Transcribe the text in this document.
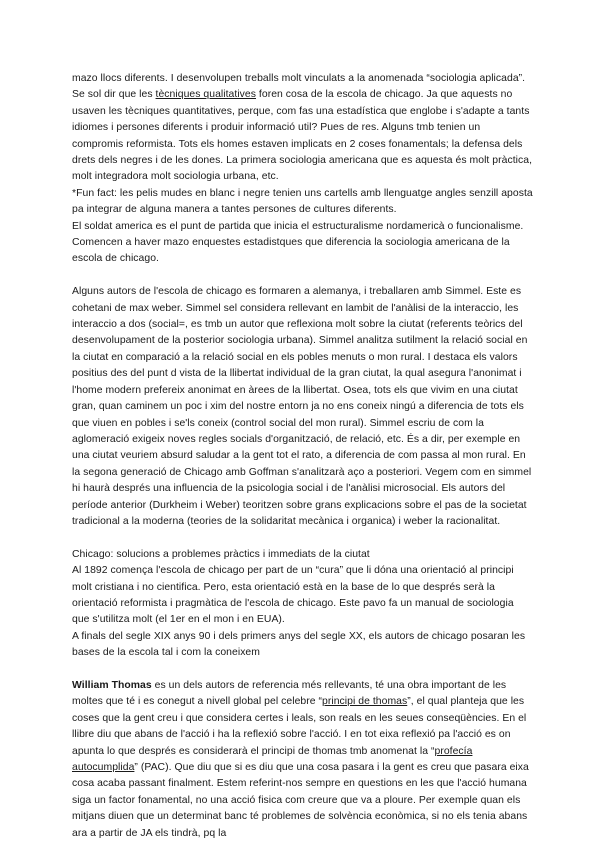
mazo llocs diferents. I desenvolupen treballs molt vinculats a la anomenada “sociologia aplicada”. Se sol dir que les tècniques qualitatives foren cosa de la escola de chicago. Ja que aquests no usaven les tècniques quantitatives, perque, com fas una estadística que englobe i s'adapte a tants idiomes i persones diferents i produir informació util? Pues de res. Alguns tmb tenien un compromis reformista. Tots els homes estaven implicats en 2 coses fonamentals; la defensa dels drets dels negres i de les dones. La primera sociologia americana que es aquesta és molt pràctica, molt integradora molt sociologia urbana, etc.

*Fun fact: les pelis mudes en blanc i negre tenien uns cartells amb llenguatge angles senzill aposta pa integrar de alguna manera a tantes persones de cultures diferents.

El soldat america es el punt de partida que inicia el estructuralisme nordamericà o funcionalisme. Comencen a haver mazo enquestes estadistques que diferencia la sociologia americana de la escola de chicago.

Alguns autors de l'escola de chicago es formaren a alemanya, i treballaren amb Simmel. Este es cohetani de max weber. Simmel sel considera rellevant en lambit de l'anàlisi de la interaccio, les interaccio a dos (social=, es tmb un autor que reflexiona molt sobre la ciutat (referents teòrics del desenvolupament de la posterior sociologia urbana). Simmel analitza sutilment la relació social en la ciutat en comparació a la relació social en els pobles menuts o mon rural. I destaca els valors positius des del punt d vista de la llibertat individual de la gran ciutat, la qual asegura l'anonimat i l'home modern prefereix anonimat en àrees de la llibertat. Osea, tots els que vivim en una ciutat gran, quan caminem un poc i xim del nostre entorn ja no ens coneix ningú a diferencia de tots els que viuen en pobles i se'ls coneix (control social del mon rural). Simmel escriu de com la aglomeració exigeix noves regles socials d'organització, de relació, etc. És a dir, per exemple en una ciutat veuriem absurd saludar a la gent tot el rato, a diferencia de com passa al mon rural. En la segona generació de Chicago amb Goffman s'analitzarà aço a posteriori. Vegem com en simmel hi haurà després una influencia de la psicologia social i de l'anàlisi microsocial. Els autors del període anterior (Durkheim i Weber) teoritzen sobre grans explicacions sobre el pas de la societat tradicional a la moderna (teories de la solidaritat mecànica i organica) i weber la racionalitat.

Chicago: solucions a problemes pràctics i immediats de la ciutat

Al 1892 comença l'escola de chicago per part de un “cura” que li dóna una orientació al principi molt cristiana i no cientifica. Pero, esta orientació està en la base de lo que després serà la orientació reformista i pragmàtica de l'escola de chicago. Este pavo fa un manual de sociologia que s'utilitza molt (el 1er en el mon i en EUA).

A finals del segle XIX anys 90 i dels primers anys del segle XX, els autors de chicago posaran les bases de la escola tal i com la coneixem

William Thomas es un dels autors de referencia més rellevants, té una obra important de les moltes que té i es conegut a nivell global pel celebre “principi de thomas”, el qual planteja que les coses que la gent creu i que considera certes i leals, son reals en les seues conseqüències. En el llibre diu que abans de l'acció i ha la reflexió sobre l'acció. I en tot eixa reflexió pa l'acció es on apunta lo que després es considerarà el principi de thomas tmb anomenat la “profecía autocumplida” (PAC). Que diu que si es diu que una cosa pasara i la gent es creu que pasara eixa cosa acaba passant finalment. Estem referint-nos sempre en questions en les que l'acció humana siga un factor fonamental, no una acció fisica com creure que va a ploure. Per exemple quan els mitjans diuen que un determinat banc té problemes de solvència econòmica, si no els tenia abans ara a partir de JA els tindrà, pq la
